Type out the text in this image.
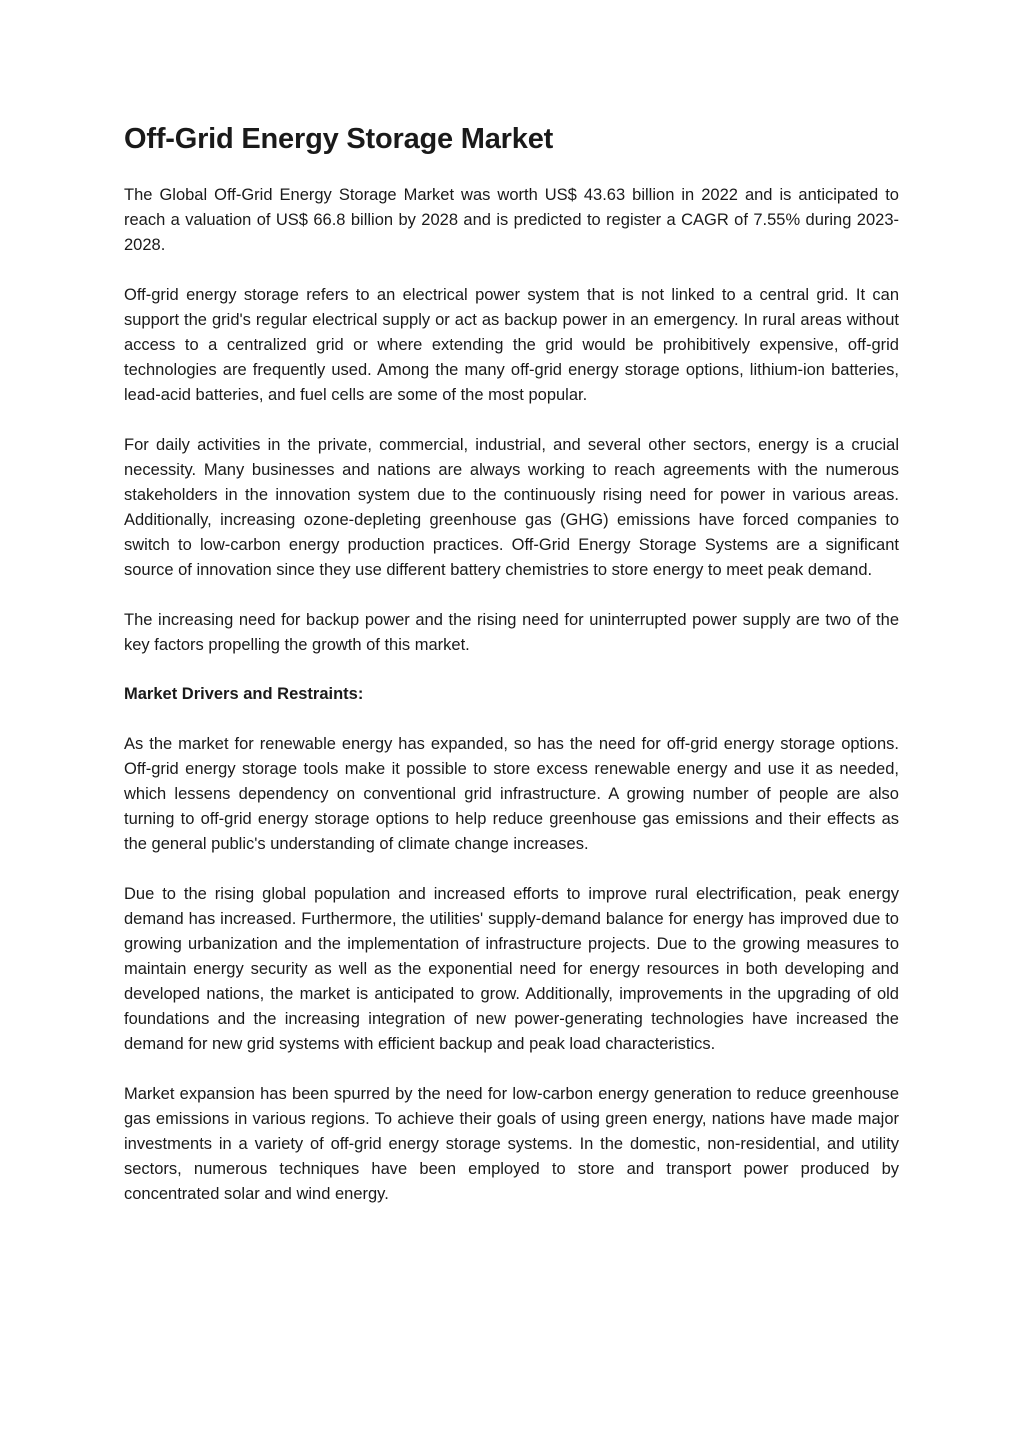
Off-Grid Energy Storage Market

The Global Off-Grid Energy Storage Market was worth US$ 43.63 billion in 2022 and is anticipated to reach a valuation of US$ 66.8 billion by 2028 and is predicted to register a CAGR of 7.55% during 2023-2028.

Off-grid energy storage refers to an electrical power system that is not linked to a central grid. It can support the grid's regular electrical supply or act as backup power in an emergency. In rural areas without access to a centralized grid or where extending the grid would be prohibitively expensive, off-grid technologies are frequently used. Among the many off-grid energy storage options, lithium-ion batteries, lead-acid batteries, and fuel cells are some of the most popular.

For daily activities in the private, commercial, industrial, and several other sectors, energy is a crucial necessity. Many businesses and nations are always working to reach agreements with the numerous stakeholders in the innovation system due to the continuously rising need for power in various areas. Additionally, increasing ozone-depleting greenhouse gas (GHG) emissions have forced companies to switch to low-carbon energy production practices. Off-Grid Energy Storage Systems are a significant source of innovation since they use different battery chemistries to store energy to meet peak demand.

The increasing need for backup power and the rising need for uninterrupted power supply are two of the key factors propelling the growth of this market.

Market Drivers and Restraints:

As the market for renewable energy has expanded, so has the need for off-grid energy storage options. Off-grid energy storage tools make it possible to store excess renewable energy and use it as needed, which lessens dependency on conventional grid infrastructure. A growing number of people are also turning to off-grid energy storage options to help reduce greenhouse gas emissions and their effects as the general public's understanding of climate change increases.

Due to the rising global population and increased efforts to improve rural electrification, peak energy demand has increased. Furthermore, the utilities' supply-demand balance for energy has improved due to growing urbanization and the implementation of infrastructure projects. Due to the growing measures to maintain energy security as well as the exponential need for energy resources in both developing and developed nations, the market is anticipated to grow. Additionally, improvements in the upgrading of old foundations and the increasing integration of new power-generating technologies have increased the demand for new grid systems with efficient backup and peak load characteristics.

Market expansion has been spurred by the need for low-carbon energy generation to reduce greenhouse gas emissions in various regions. To achieve their goals of using green energy, nations have made major investments in a variety of off-grid energy storage systems. In the domestic, non-residential, and utility sectors, numerous techniques have been employed to store and transport power produced by concentrated solar and wind energy.
